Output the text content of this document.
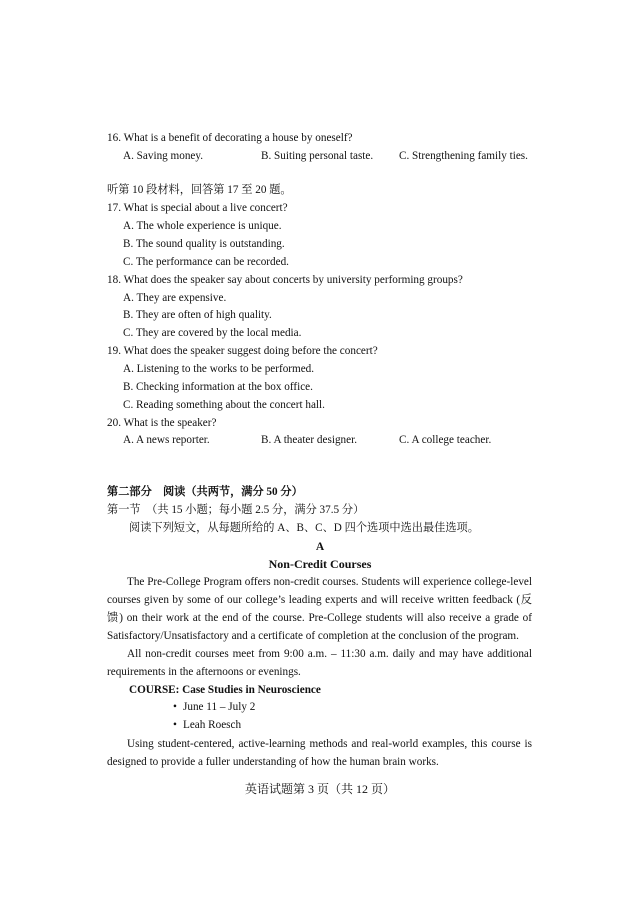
16. What is a benefit of decorating a house by oneself?
A. Saving money.	B. Suiting personal taste. C. Strengthening family ties.
听第 10 段材料，回答第 17 至 20 题。
17. What is special about a live concert?
A. The whole experience is unique.
B. The sound quality is outstanding.
C. The performance can be recorded.
18. What does the speaker say about concerts by university performing groups?
A. They are expensive.
B. They are often of high quality.
C. They are covered by the local media.
19. What does the speaker suggest doing before the concert?
A. Listening to the works to be performed.
B. Checking information at the box office.
C. Reading something about the concert hall.
20. What is the speaker?
A. A news reporter.	B. A theater designer.	C. A college teacher.
第二部分　阅读（共两节，满分 50 分）
第一节　（共 15 小题；每小题 2.5 分，满分 37.5 分）
阅读下列短文，从每题所给的 A、B、C、D 四个选项中选出最佳选项。
A
Non-Credit Courses
The Pre-College Program offers non-credit courses. Students will experience college-level courses given by some of our college’s leading experts and will receive written feedback (反馈) on their work at the end of the course. Pre-College students will also receive a grade of Satisfactory/Unsatisfactory and a certificate of completion at the conclusion of the program.
All non-credit courses meet from 9:00 a.m. – 11:30 a.m. daily and may have additional requirements in the afternoons or evenings.
COURSE: Case Studies in Neuroscience
• June 11 – July 2
• Leah Roesch
Using student-centered, active-learning methods and real-world examples, this course is designed to provide a fuller understanding of how the human brain works.
英语试题第 3 页（共 12 页）
